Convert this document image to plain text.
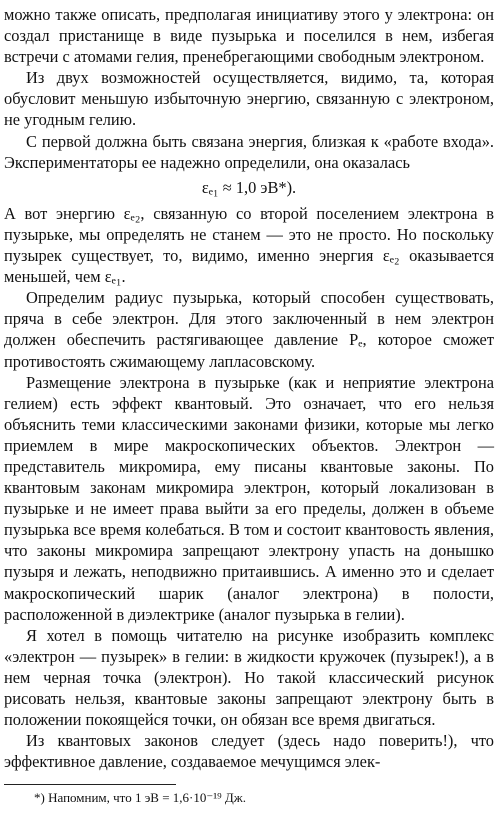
можно также описать, предполагая инициативу этого у электрона: он создал пристанище в виде пузырька и поселился в нем, избегая встречи с атомами гелия, пренебрегающими свободным электроном.

Из двух возможностей осуществляется, видимо, та, которая обусловит меньшую избыточную энергию, связанную с электроном, не угодным гелию.

С первой должна быть связана энергия, близкая к «работе входа». Экспериментаторы ее надежно определили, она оказалась

εₑ₁ ≈ 1,0 эВ*).

А вот энергию εₑ₂, связанную со второй поселением электрона в пузырьке, мы определять не станем — это не просто. Но поскольку пузырек существует, то, видимо, именно энергия εₑ₂ оказывается меньшей, чем εₑ₁.

Определим радиус пузырька, который способен существовать, пряча в себе электрон. Для этого заключенный в нем электрон должен обеспечить растягивающее давление Pₑ, которое сможет противостоять сжимающему лапласовскому.

Размещение электрона в пузырьке (как и неприятие электрона гелием) есть эффект квантовый. Это означает, что его нельзя объяснить теми классическими законами физики, которые мы легко приемлем в мире макроскопических объектов. Электрон — представитель микромира, ему писаны квантовые законы. По квантовым законам микромира электрон, который локализован в пузырьке и не имеет права выйти за его пределы, должен в объеме пузырька все время колебаться. В том и состоит квантовость явления, что законы микромира запрещают электрону упасть на донышко пузыря и лежать, неподвижно притаившись. А именно это и сделает макроскопический шарик (аналог электрона) в полости, расположенной в диэлектрике (аналог пузырька в гелии).

Я хотел в помощь читателю на рисунке изобразить комплекс «электрон — пузырек» в гелии: в жидкости кружочек (пузырек!), а в нем черная точка (электрон). Но такой классический рисунок рисовать нельзя, квантовые законы запрещают электрону быть в положении покоящейся точки, он обязан все время двигаться.

Из квантовых законов следует (здесь надо поверить!), что эффективное давление, создаваемое мечущимся элек-

*) Напомним, что 1 эВ = 1,6·10⁻¹⁹ Дж.
